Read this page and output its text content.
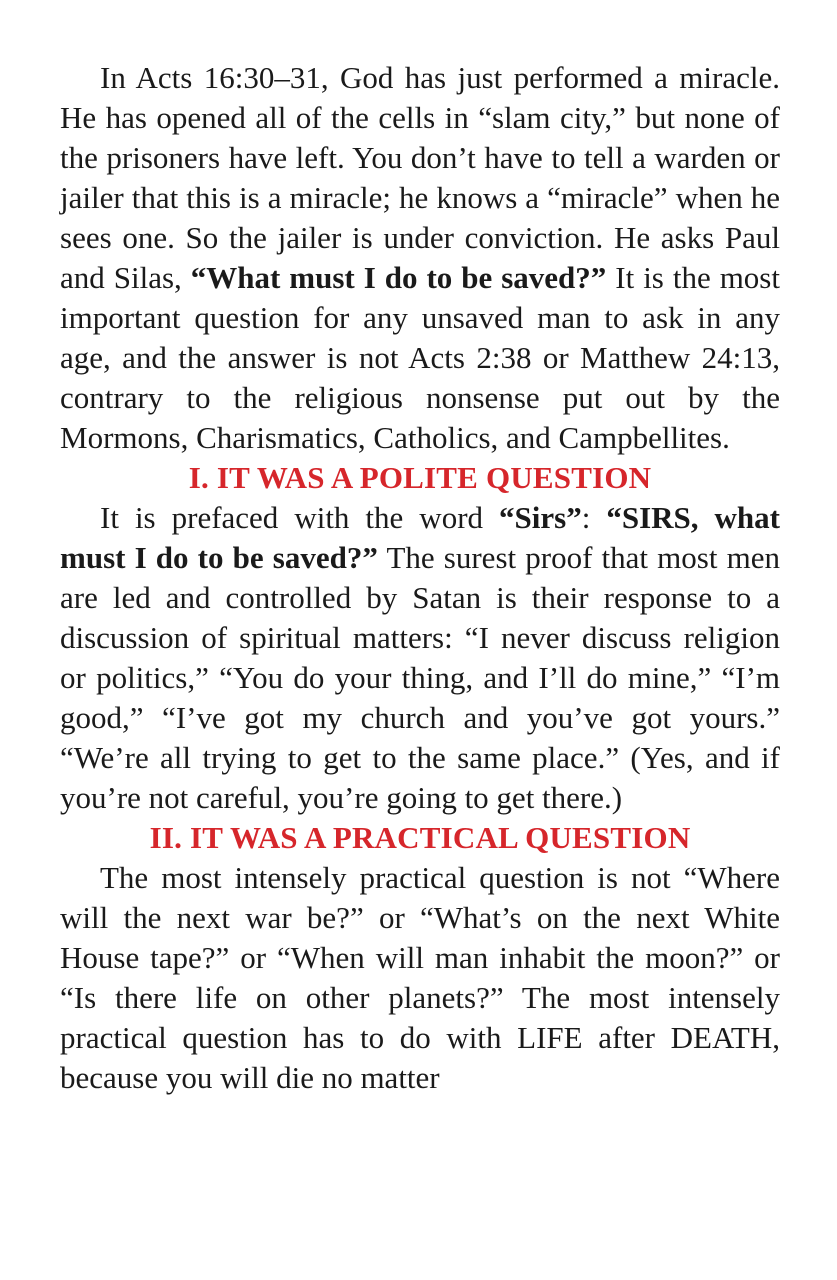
In Acts 16:30–31, God has just performed a miracle. He has opened all of the cells in “slam city,” but none of the prisoners have left. You don’t have to tell a warden or jailer that this is a miracle; he knows a “miracle” when he sees one. So the jailer is under conviction. He asks Paul and Silas, “What must I do to be saved?” It is the most important question for any unsaved man to ask in any age, and the answer is not Acts 2:38 or Matthew 24:13, contrary to the religious nonsense put out by the Mormons, Charismatics, Catholics, and Campbellites.

I. IT WAS A POLITE QUESTION

It is prefaced with the word “Sirs”: “SIRS, what must I do to be saved?” The surest proof that most men are led and controlled by Satan is their response to a discussion of spiritual matters: “I never discuss religion or politics,” “You do your thing, and I’ll do mine,” “I’m good,” “I’ve got my church and you’ve got yours.” “We’re all trying to get to the same place.” (Yes, and if you’re not careful, you’re going to get there.)

II. IT WAS A PRACTICAL QUESTION

The most intensely practical question is not “Where will the next war be?” or “What’s on the next White House tape?” or “When will man inhabit the moon?” or “Is there life on other planets?” The most intensely practical question has to do with LIFE after DEATH, because you will die no matter
